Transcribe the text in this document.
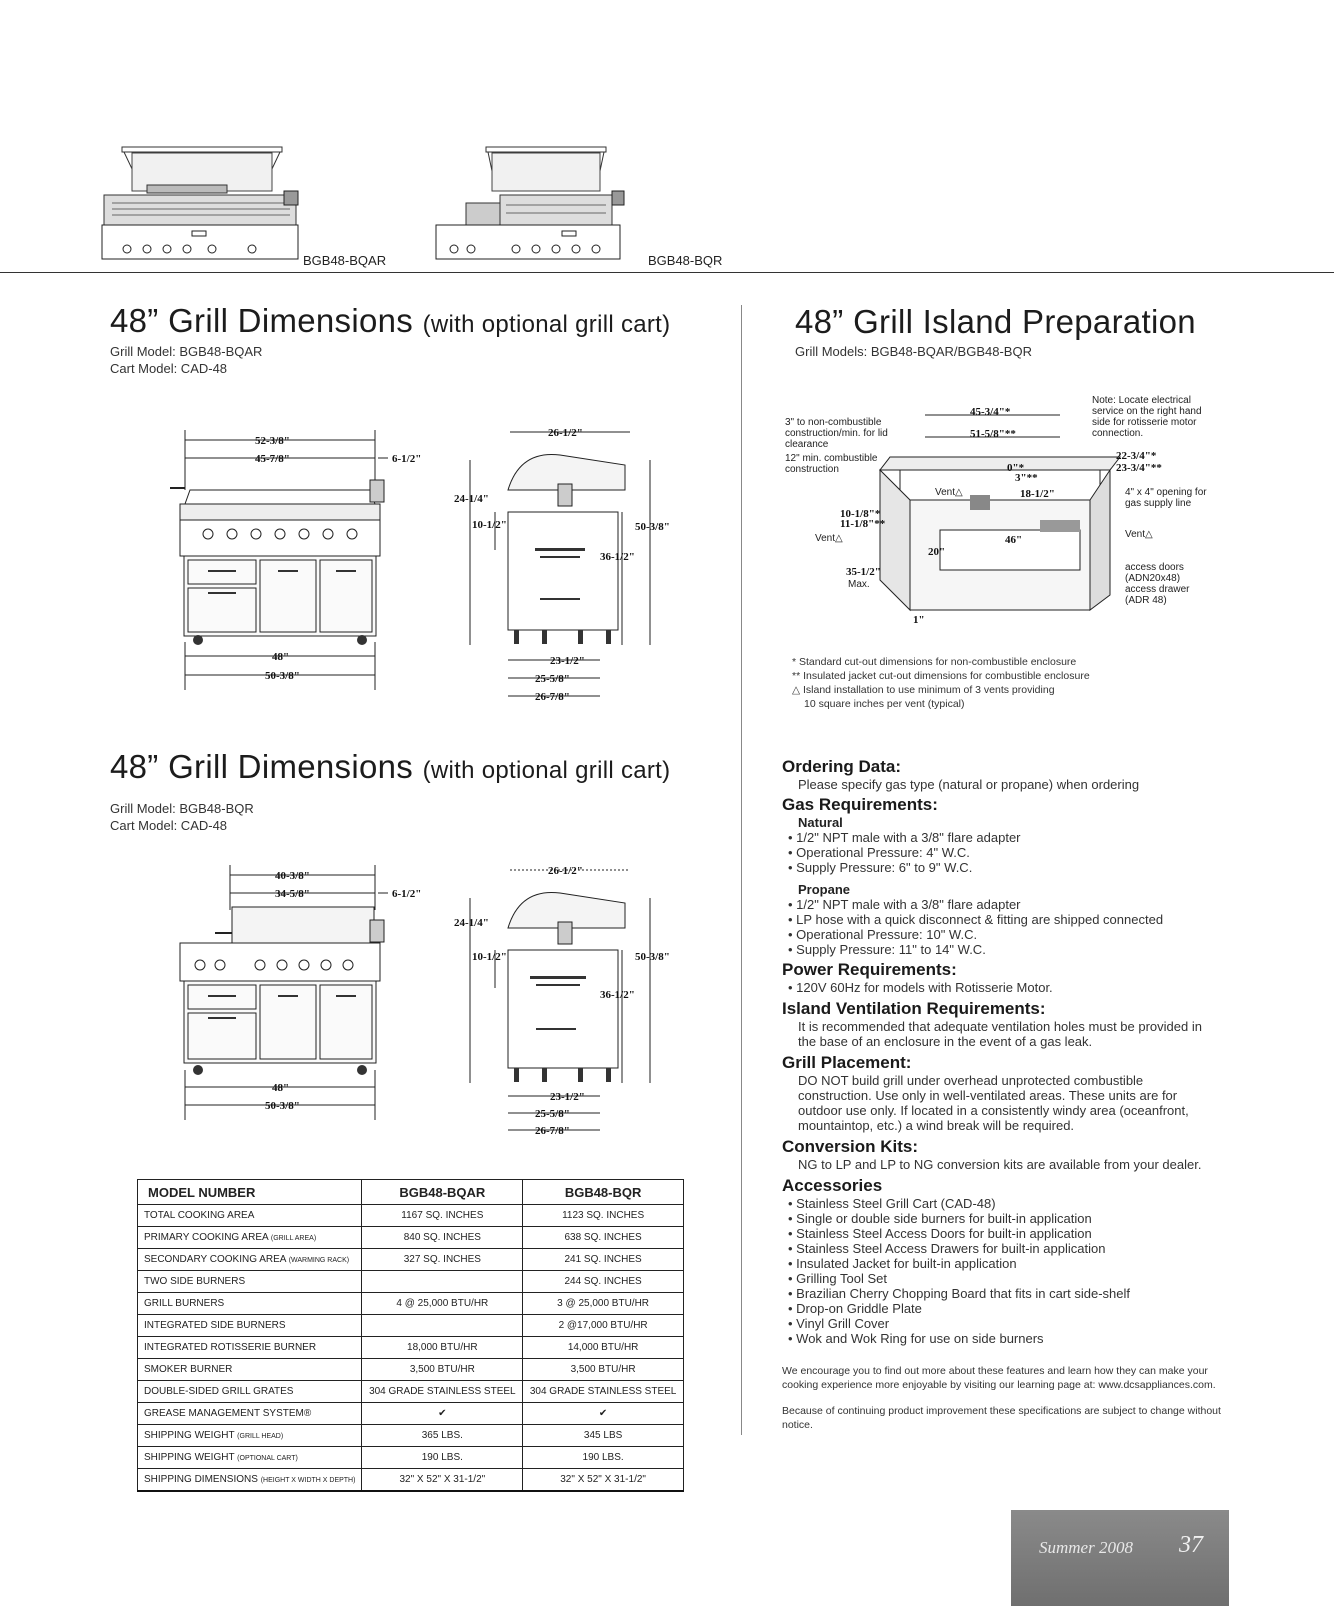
BGB48-BQAR	BGB48-BQR
48” Grill Dimensions (with optional grill cart)
Grill Model: BGB48-BQAR
Cart Model: CAD-48
52-3/8"
45-7/8"	6-1/2"
48"
50-3/8"
26-1/2"
24-1/4"
10-1/2"	50-3/8"
36-1/2"
23-1/2"
25-5/8"
26-7/8"
48” Grill Dimensions (with optional grill cart)
Grill Model: BGB48-BQR
Cart Model: CAD-48
40-3/8"
34-5/8"	6-1/2"
48"
50-3/8"
26-1/2"
24-1/4"
10-1/2"	50-3/8"
36-1/2"
23-1/2"
25-5/8"
26-7/8"
MODEL NUMBER	BGB48-BQAR	BGB48-BQR
TOTAL COOKING AREA	1167 SQ. INCHES	1123 SQ. INCHES
PRIMARY COOKING AREA (GRILL AREA)	840 SQ. INCHES	638 SQ. INCHES
SECONDARY COOKING AREA (WARMING RACK)	327 SQ. INCHES	241 SQ. INCHES
TWO SIDE BURNERS		244 SQ. INCHES
GRILL BURNERS	4 @ 25,000 BTU/HR	3 @ 25,000 BTU/HR
INTEGRATED SIDE BURNERS		2 @17,000 BTU/HR
INTEGRATED ROTISSERIE BURNER	18,000 BTU/HR	14,000 BTU/HR
SMOKER BURNER	3,500 BTU/HR	3,500 BTU/HR
DOUBLE-SIDED GRILL GRATES	304 GRADE STAINLESS STEEL	304 GRADE STAINLESS STEEL
GREASE MANAGEMENT SYSTEM®	✔	✔
SHIPPING WEIGHT (GRILL HEAD)	365 LBS.	345 LBS
SHIPPING WEIGHT (OPTIONAL CART)	190 LBS.	190 LBS.
SHIPPING DIMENSIONS (HEIGHT X WIDTH X DEPTH)	32" X 52" X 31-1/2"	32" X 52" X 31-1/2"
48” Grill Island Preparation
Grill Models: BGB48-BQAR/BGB48-BQR
3" to non-combustible
construction/min. for lid
clearance
12" min. combustible
construction
Note: Locate electrical
service on the right hand
side for rotisserie motor
connection.
45-3/4"*
51-5/8"**
Vent△
Vent△	Vent△
4" x 4" opening for
gas supply line
access doors
(ADN20x48)
access drawer
(ADR 48)
Max.
22-3/4"*
23-3/4"**
0"*
3"**
18-1/2"
10-1/8"*
11-1/8"**
46"
20"
35-1/2"
1"
* Standard cut-out dimensions for non-combustible enclosure
** Insulated jacket cut-out dimensions for combustible enclosure
△ Island installation to use minimum of 3 vents providing
10 square inches per vent (typical)
Ordering Data:
Please specify gas type (natural or propane) when ordering
Gas Requirements:
Natural
• 1/2" NPT male with a 3/8" flare adapter
• Operational Pressure: 4" W.C.
• Supply Pressure: 6" to 9" W.C.
Propane
• 1/2" NPT male with a 3/8" flare adapter
• LP hose with a quick disconnect & fitting are shipped connected
• Operational Pressure: 10" W.C.
• Supply Pressure: 11" to 14" W.C.
Power Requirements:
• 120V 60Hz for models with Rotisserie Motor.
Island Ventilation Requirements:
It is recommended that adequate ventilation holes must be provided in the base of an enclosure in the event of a gas leak.
Grill Placement:
DO NOT build grill under overhead unprotected combustible construction. Use only in well-ventilated areas. These units are for outdoor use only. If located in a consistently windy area (oceanfront, mountaintop, etc.) a wind break will be required.
Conversion Kits:
NG to LP and LP to NG conversion kits are available from your dealer.
Accessories
• Stainless Steel Grill Cart (CAD-48)
• Single or double side burners for built-in application
• Stainless Steel Access Doors for built-in application
• Stainless Steel Access Drawers for built-in application
• Insulated Jacket for built-in application
• Grilling Tool Set
• Brazilian Cherry Chopping Board that fits in cart side-shelf
• Drop-on Griddle Plate
• Vinyl Grill Cover
• Wok and Wok Ring for use on side burners
We encourage you to find out more about these features and learn how they can make your cooking experience more enjoyable by visiting our learning page at: www.dcsappliances.com.
Because of continuing product improvement these specifications are subject to change without notice.
Summer 2008 37
